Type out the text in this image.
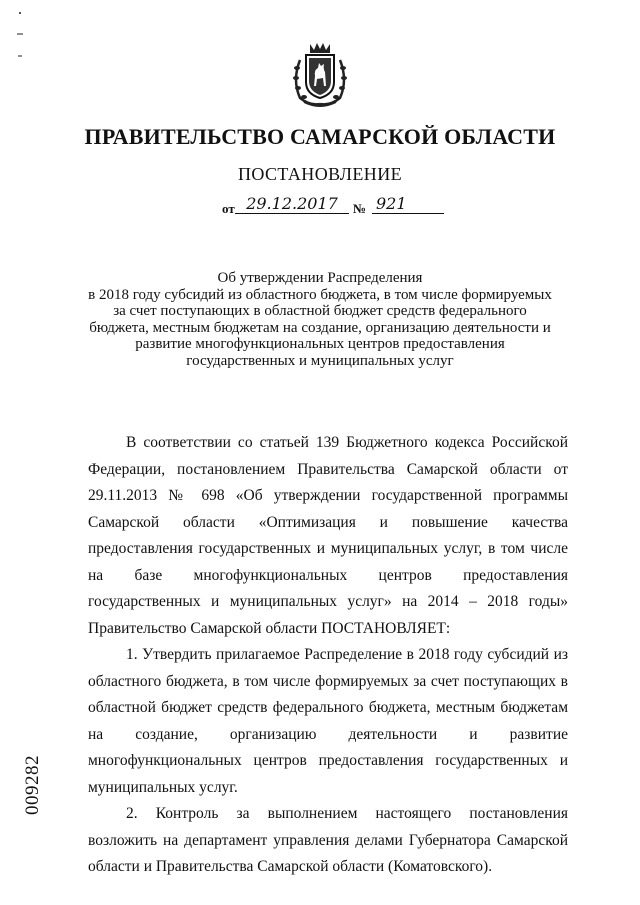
ПРАВИТЕЛЬСТВО САМАРСКОЙ ОБЛАСТИ
ПОСТАНОВЛЕНИЕ
от 29.12.2017	№ 921
Об утверждении Распределения
в 2018 году субсидий из областного бюджета, в том числе формируемых
за счет поступающих в областной бюджет средств федерального
бюджета, местным бюджетам на создание, организацию деятельности и
развитие многофункциональных центров предоставления
государственных и муниципальных услуг

В соответствии со статьей 139 Бюджетного кодекса Российской Федерации, постановлением Правительства Самарской области от 29.11.2013 № 698 «Об утверждении государственной программы Самарской области «Оптимизация и повышение качества предоставления государственных и муниципальных услуг, в том числе на базе многофункциональных центров предоставления государственных и муниципальных услуг» на 2014 – 2018 годы» Правительство Самарской области ПОСТАНОВЛЯЕТ:

1. Утвердить прилагаемое Распределение в 2018 году субсидий из областного бюджета, в том числе формируемых за счет поступающих в областной бюджет средств федерального бюджета, местным бюджетам на создание, организацию деятельности и развитие многофункциональных центров предоставления государственных и муниципальных услуг.

2. Контроль за выполнением настоящего постановления возложить на департамент управления делами Губернатора Самарской области и Правительства Самарской области (Коматовского).

009282
